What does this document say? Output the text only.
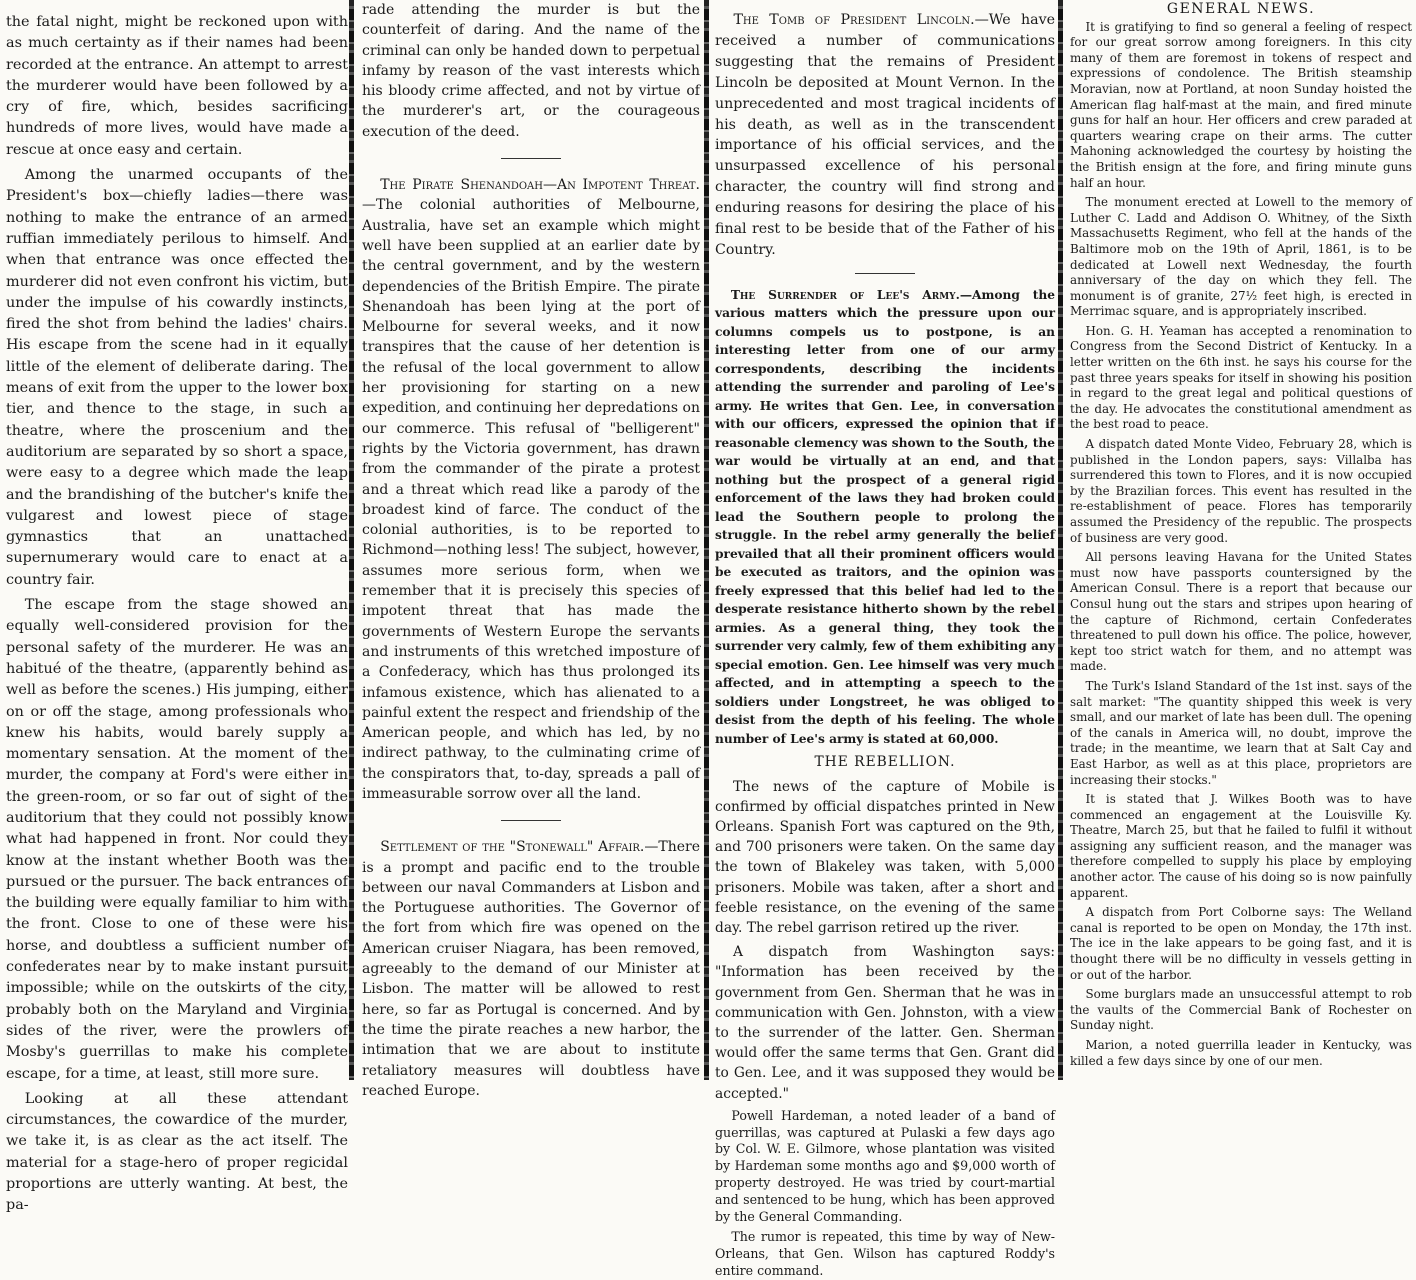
the fatal night, might be reckoned upon with as much certainty as if their names had been recorded at the entrance. An attempt to arrest the murderer would have been followed by a cry of fire, which, besides sacrificing hundreds of more lives, would have made a rescue at once easy and certain.

Among the unarmed occupants of the President's box—chiefly ladies—there was nothing to make the entrance of an armed ruffian immediately perilous to himself. And when that entrance was once effected the murderer did not even confront his victim, but under the impulse of his cowardly instincts, fired the shot from behind the ladies' chairs. His escape from the scene had in it equally little of the element of deliberate daring. The means of exit from the upper to the lower box tier, and thence to the stage, in such a theatre, where the proscenium and the auditorium are separated by so short a space, were easy to a degree which made the leap and the brandishing of the butcher's knife the vulgarest and lowest piece of stage gymnastics that an unattached supernumerary would care to enact at a country fair.

The escape from the stage showed an equally well-considered provision for the personal safety of the murderer. He was an habitué of the theatre, (apparently behind as well as before the scenes.) His jumping, either on or off the stage, among professionals who knew his habits, would barely supply a momentary sensation. At the moment of the murder, the company at Ford's were either in the green-room, or so far out of sight of the auditorium that they could not possibly know what had happened in front. Nor could they know at the instant whether Booth was the pursued or the pursuer. The back entrances of the building were equally familiar to him with the front. Close to one of these were his horse, and doubtless a sufficient number of confederates near by to make instant pursuit impossible; while on the outskirts of the city, probably both on the Maryland and Virginia sides of the river, were the prowlers of Mosby's guerrillas to make his complete escape, for a time, at least, still more sure.

Looking at all these attendant circumstances, the cowardice of the murder, we take it, is as clear as the act itself. The material for a stage-hero of proper regicidal proportions are utterly wanting. At best, the pa-

rade attending the murder is but the counterfeit of daring. And the name of the criminal can only be handed down to perpetual infamy by reason of the vast interests which his bloody crime affected, and not by virtue of the murderer's art, or the courageous execution of the deed.

The Pirate Shenandoah—An Impotent Threat.—The colonial authorities of Melbourne, Australia, have set an example which might well have been supplied at an earlier date by the central government, and by the western dependencies of the British Empire. The pirate Shenandoah has been lying at the port of Melbourne for several weeks, and it now transpires that the cause of her detention is the refusal of the local government to allow her provisioning for starting on a new expedition, and continuing her depredations on our commerce. This refusal of "belligerent" rights by the Victoria government, has drawn from the commander of the pirate a protest and a threat which read like a parody of the broadest kind of farce. The conduct of the colonial authorities, is to be reported to Richmond—nothing less! The subject, however, assumes more serious form, when we remember that it is precisely this species of impotent threat that has made the governments of Western Europe the servants and instruments of this wretched imposture of a Confederacy, which has thus prolonged its infamous existence, which has alienated to a painful extent the respect and friendship of the American people, and which has led, by no indirect pathway, to the culminating crime of the conspirators that, to-day, spreads a pall of immeasurable sorrow over all the land.

Settlement of the "Stonewall" Affair.—There is a prompt and pacific end to the trouble between our naval Commanders at Lisbon and the Portuguese authorities. The Governor of the fort from which fire was opened on the American cruiser Niagara, has been removed, agreeably to the demand of our Minister at Lisbon. The matter will be allowed to rest here, so far as Portugal is concerned. And by the time the pirate reaches a new harbor, the intimation that we are about to institute retaliatory measures will doubtless have reached Europe.

The Tomb of President Lincoln.—We have received a number of communications suggesting that the remains of President Lincoln be deposited at Mount Vernon. In the unprecedented and most tragical incidents of his death, as well as in the transcendent importance of his official services, and the unsurpassed excellence of his personal character, the country will find strong and enduring reasons for desiring the place of his final rest to be beside that of the Father of his Country.

The Surrender of Lee's Army.—Among the various matters which the pressure upon our columns compels us to postpone, is an interesting letter from one of our army correspondents, describing the incidents attending the surrender and paroling of Lee's army. He writes that Gen. Lee, in conversation with our officers, expressed the opinion that if reasonable clemency was shown to the South, the war would be virtually at an end, and that nothing but the prospect of a general rigid enforcement of the laws they had broken could lead the Southern people to prolong the struggle. In the rebel army generally the belief prevailed that all their prominent officers would be executed as traitors, and the opinion was freely expressed that this belief had led to the desperate resistance hitherto shown by the rebel armies. As a general thing, they took the surrender very calmly, few of them exhibiting any special emotion. Gen. Lee himself was very much affected, and in attempting a speech to the soldiers under Longstreet, he was obliged to desist from the depth of his feeling. The whole number of Lee's army is stated at 60,000.

THE REBELLION.

The news of the capture of Mobile is confirmed by official dispatches printed in New Orleans. Spanish Fort was captured on the 9th, and 700 prisoners were taken. On the same day the town of Blakeley was taken, with 5,000 prisoners. Mobile was taken, after a short and feeble resistance, on the evening of the same day. The rebel garrison retired up the river.

A dispatch from Washington says: "Information has been received by the government from Gen. Sherman that he was in communication with Gen. Johnston, with a view to the surrender of the latter. Gen. Sherman would offer the same terms that Gen. Grant did to Gen. Lee, and it was supposed they would be accepted."

Powell Hardeman, a noted leader of a band of guerrillas, was captured at Pulaski a few days ago by Col. W. E. Gilmore, whose plantation was visited by Hardeman some months ago and $9,000 worth of property destroyed. He was tried by court-martial and sentenced to be hung, which has been approved by the General Commanding.

The rumor is repeated, this time by way of New-Orleans, that Gen. Wilson has captured Roddy's entire command.

GENERAL NEWS.

It is gratifying to find so general a feeling of respect for our great sorrow among foreigners. In this city many of them are foremost in tokens of respect and expressions of condolence. The British steamship Moravian, now at Portland, at noon Sunday hoisted the American flag half-mast at the main, and fired minute guns for half an hour. Her officers and crew paraded at quarters wearing crape on their arms. The cutter Mahoning acknowledged the courtesy by hoisting the the British ensign at the fore, and firing minute guns half an hour.

The monument erected at Lowell to the memory of Luther C. Ladd and Addison O. Whitney, of the Sixth Massachusetts Regiment, who fell at the hands of the Baltimore mob on the 19th of April, 1861, is to be dedicated at Lowell next Wednesday, the fourth anniversary of the day on which they fell. The monument is of granite, 27½ feet high, is erected in Merrimac square, and is appropriately inscribed.

Hon. G. H. Yeaman has accepted a renomination to Congress from the Second District of Kentucky. In a letter written on the 6th inst. he says his course for the past three years speaks for itself in showing his position in regard to the great legal and political questions of the day. He advocates the constitutional amendment as the best road to peace.

A dispatch dated Monte Video, February 28, which is published in the London papers, says: Villalba has surrendered this town to Flores, and it is now occupied by the Brazilian forces. This event has resulted in the re-establishment of peace. Flores has temporarily assumed the Presidency of the republic. The prospects of business are very good.

All persons leaving Havana for the United States must now have passports countersigned by the American Consul. There is a report that because our Consul hung out the stars and stripes upon hearing of the capture of Richmond, certain Confederates threatened to pull down his office. The police, however, kept too strict watch for them, and no attempt was made.

The Turk's Island Standard of the 1st inst. says of the salt market: "The quantity shipped this week is very small, and our market of late has been dull. The opening of the canals in America will, no doubt, improve the trade; in the meantime, we learn that at Salt Cay and East Harbor, as well as at this place, proprietors are increasing their stocks."

It is stated that J. Wilkes Booth was to have commenced an engagement at the Louisville Ky. Theatre, March 25, but that he failed to fulfil it without assigning any sufficient reason, and the manager was therefore compelled to supply his place by employing another actor. The cause of his doing so is now painfully apparent.

A dispatch from Port Colborne says: The Welland canal is reported to be open on Monday, the 17th inst. The ice in the lake appears to be going fast, and it is thought there will be no difficulty in vessels getting in or out of the harbor.

Some burglars made an unsuccessful attempt to rob the vaults of the Commercial Bank of Rochester on Sunday night.

Marion, a noted guerrilla leader in Kentucky, was killed a few days since by one of our men.
